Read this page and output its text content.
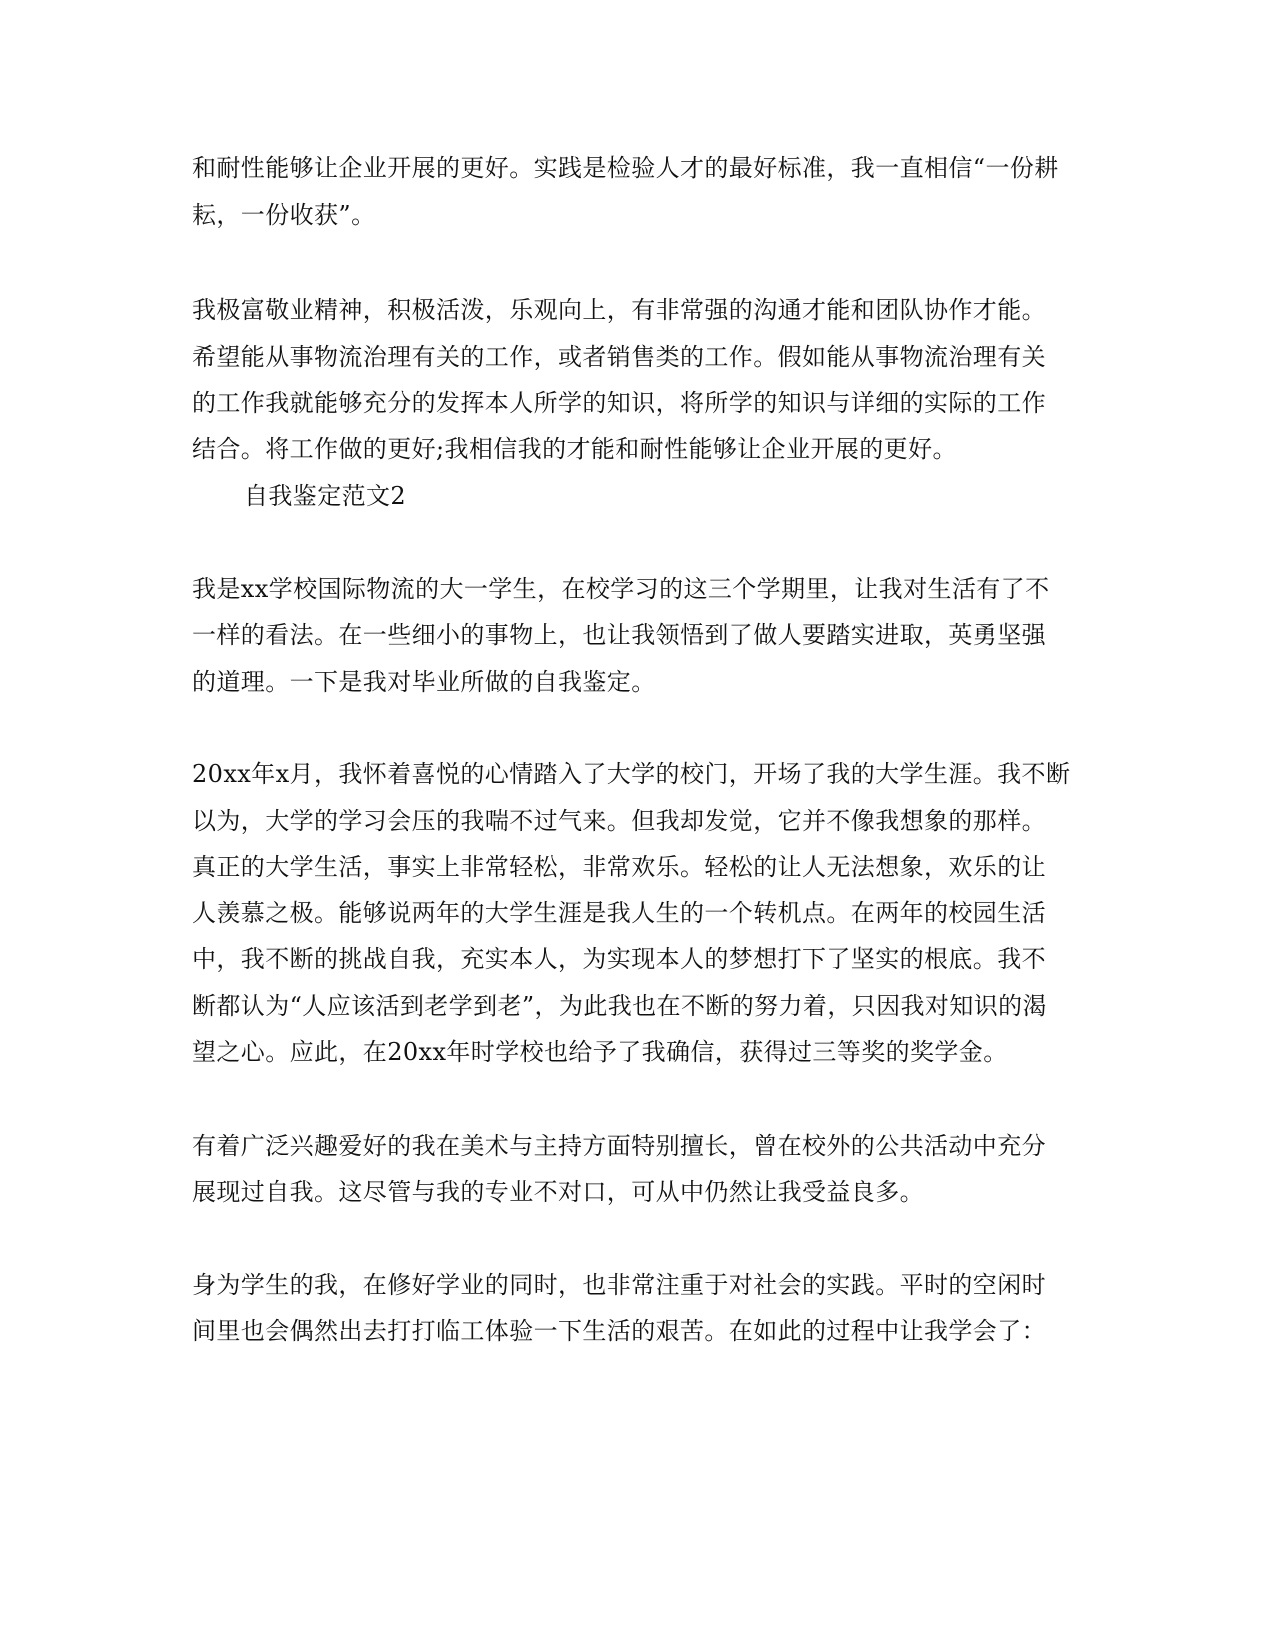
和耐性能够让企业开展的更好。实践是检验人才的最好标准，我一直相信“一份耕
耘，一份收获”。
我极富敬业精神，积极活泼，乐观向上，有非常强的沟通才能和团队协作才能。
希望能从事物流治理有关的工作，或者销售类的工作。假如能从事物流治理有关
的工作我就能够充分的发挥本人所学的知识，将所学的知识与详细的实际的工作
结合。将工作做的更好;我相信我的才能和耐性能够让企业开展的更好。
自我鉴定范文2
我是xx学校国际物流的大一学生，在校学习的这三个学期里，让我对生活有了不
一样的看法。在一些细小的事物上，也让我领悟到了做人要踏实进取，英勇坚强
的道理。一下是我对毕业所做的自我鉴定。
20xx年x月，我怀着喜悦的心情踏入了大学的校门，开场了我的大学生涯。我不断
以为，大学的学习会压的我喘不过气来。但我却发觉，它并不像我想象的那样。
真正的大学生活，事实上非常轻松，非常欢乐。轻松的让人无法想象，欢乐的让
人羡慕之极。能够说两年的大学生涯是我人生的一个转机点。在两年的校园生活
中，我不断的挑战自我，充实本人，为实现本人的梦想打下了坚实的根底。我不
断都认为“人应该活到老学到老”，为此我也在不断的努力着，只因我对知识的渴
望之心。应此，在20xx年时学校也给予了我确信，获得过三等奖的奖学金。
有着广泛兴趣爱好的我在美术与主持方面特别擅长，曾在校外的公共活动中充分
展现过自我。这尽管与我的专业不对口，可从中仍然让我受益良多。
身为学生的我，在修好学业的同时，也非常注重于对社会的实践。平时的空闲时
间里也会偶然出去打打临工体验一下生活的艰苦。在如此的过程中让我学会了：
